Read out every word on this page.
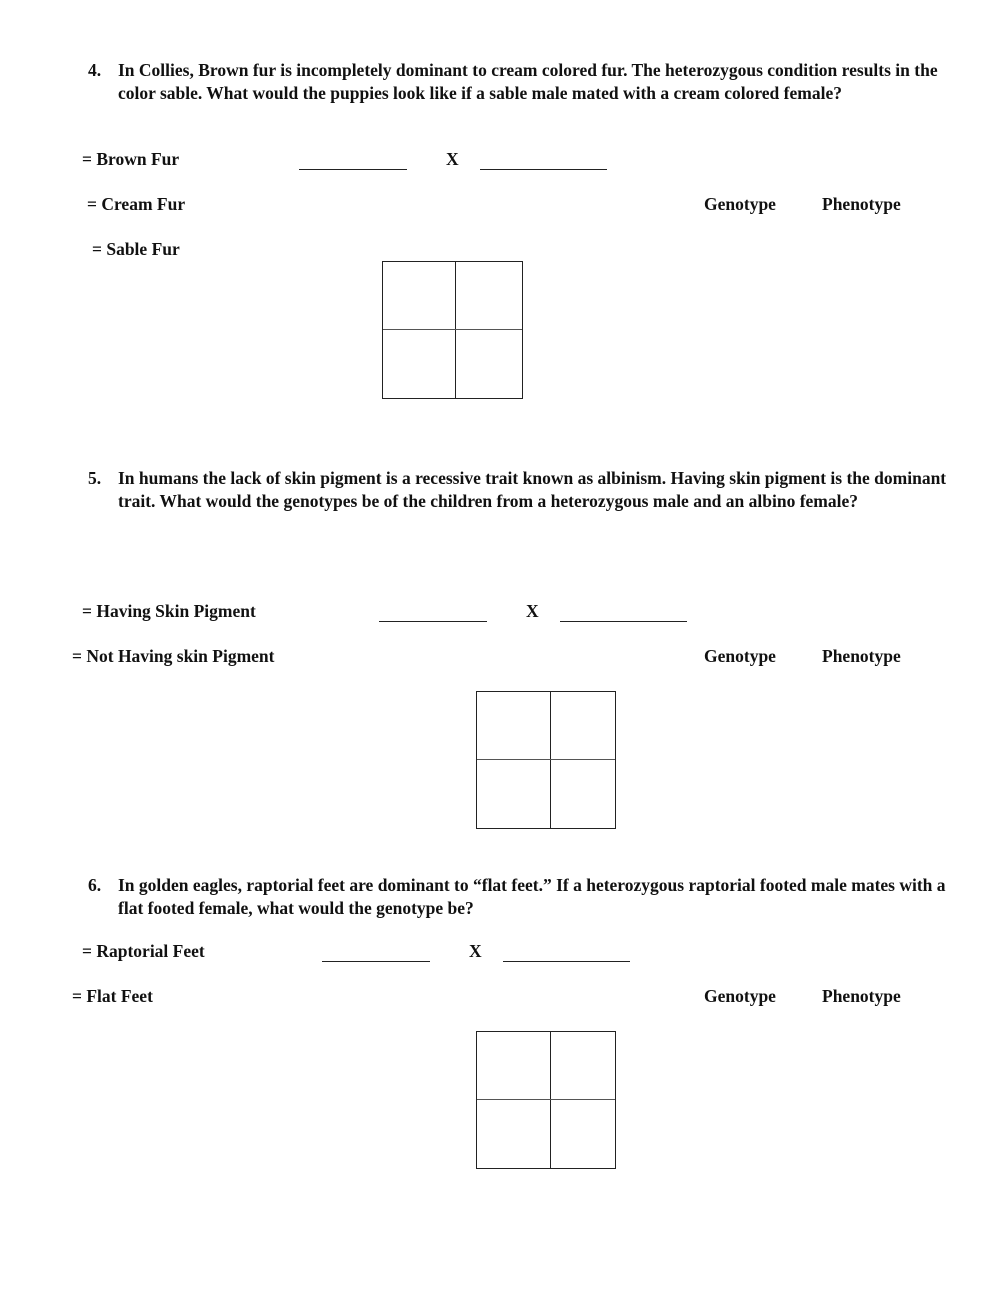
4. In Collies, Brown fur is incompletely dominant to cream colored fur. The heterozygous condition results in the color sable. What would the puppies look like if a sable male mated with a cream colored female?
= Brown Fur	X
= Cream Fur	Genotype	Phenotype
= Sable Fur
5. In humans the lack of skin pigment is a recessive trait known as albinism. Having skin pigment is the dominant trait. What would the genotypes be of the children from a heterozygous male and an albino female?
= Having Skin Pigment	X
= Not Having skin Pigment	Genotype	Phenotype
6. In golden eagles, raptorial feet are dominant to “flat feet.” If a heterozygous raptorial footed male mates with a flat footed female, what would the genotype be?
= Raptorial Feet	X
= Flat Feet	Genotype	Phenotype
